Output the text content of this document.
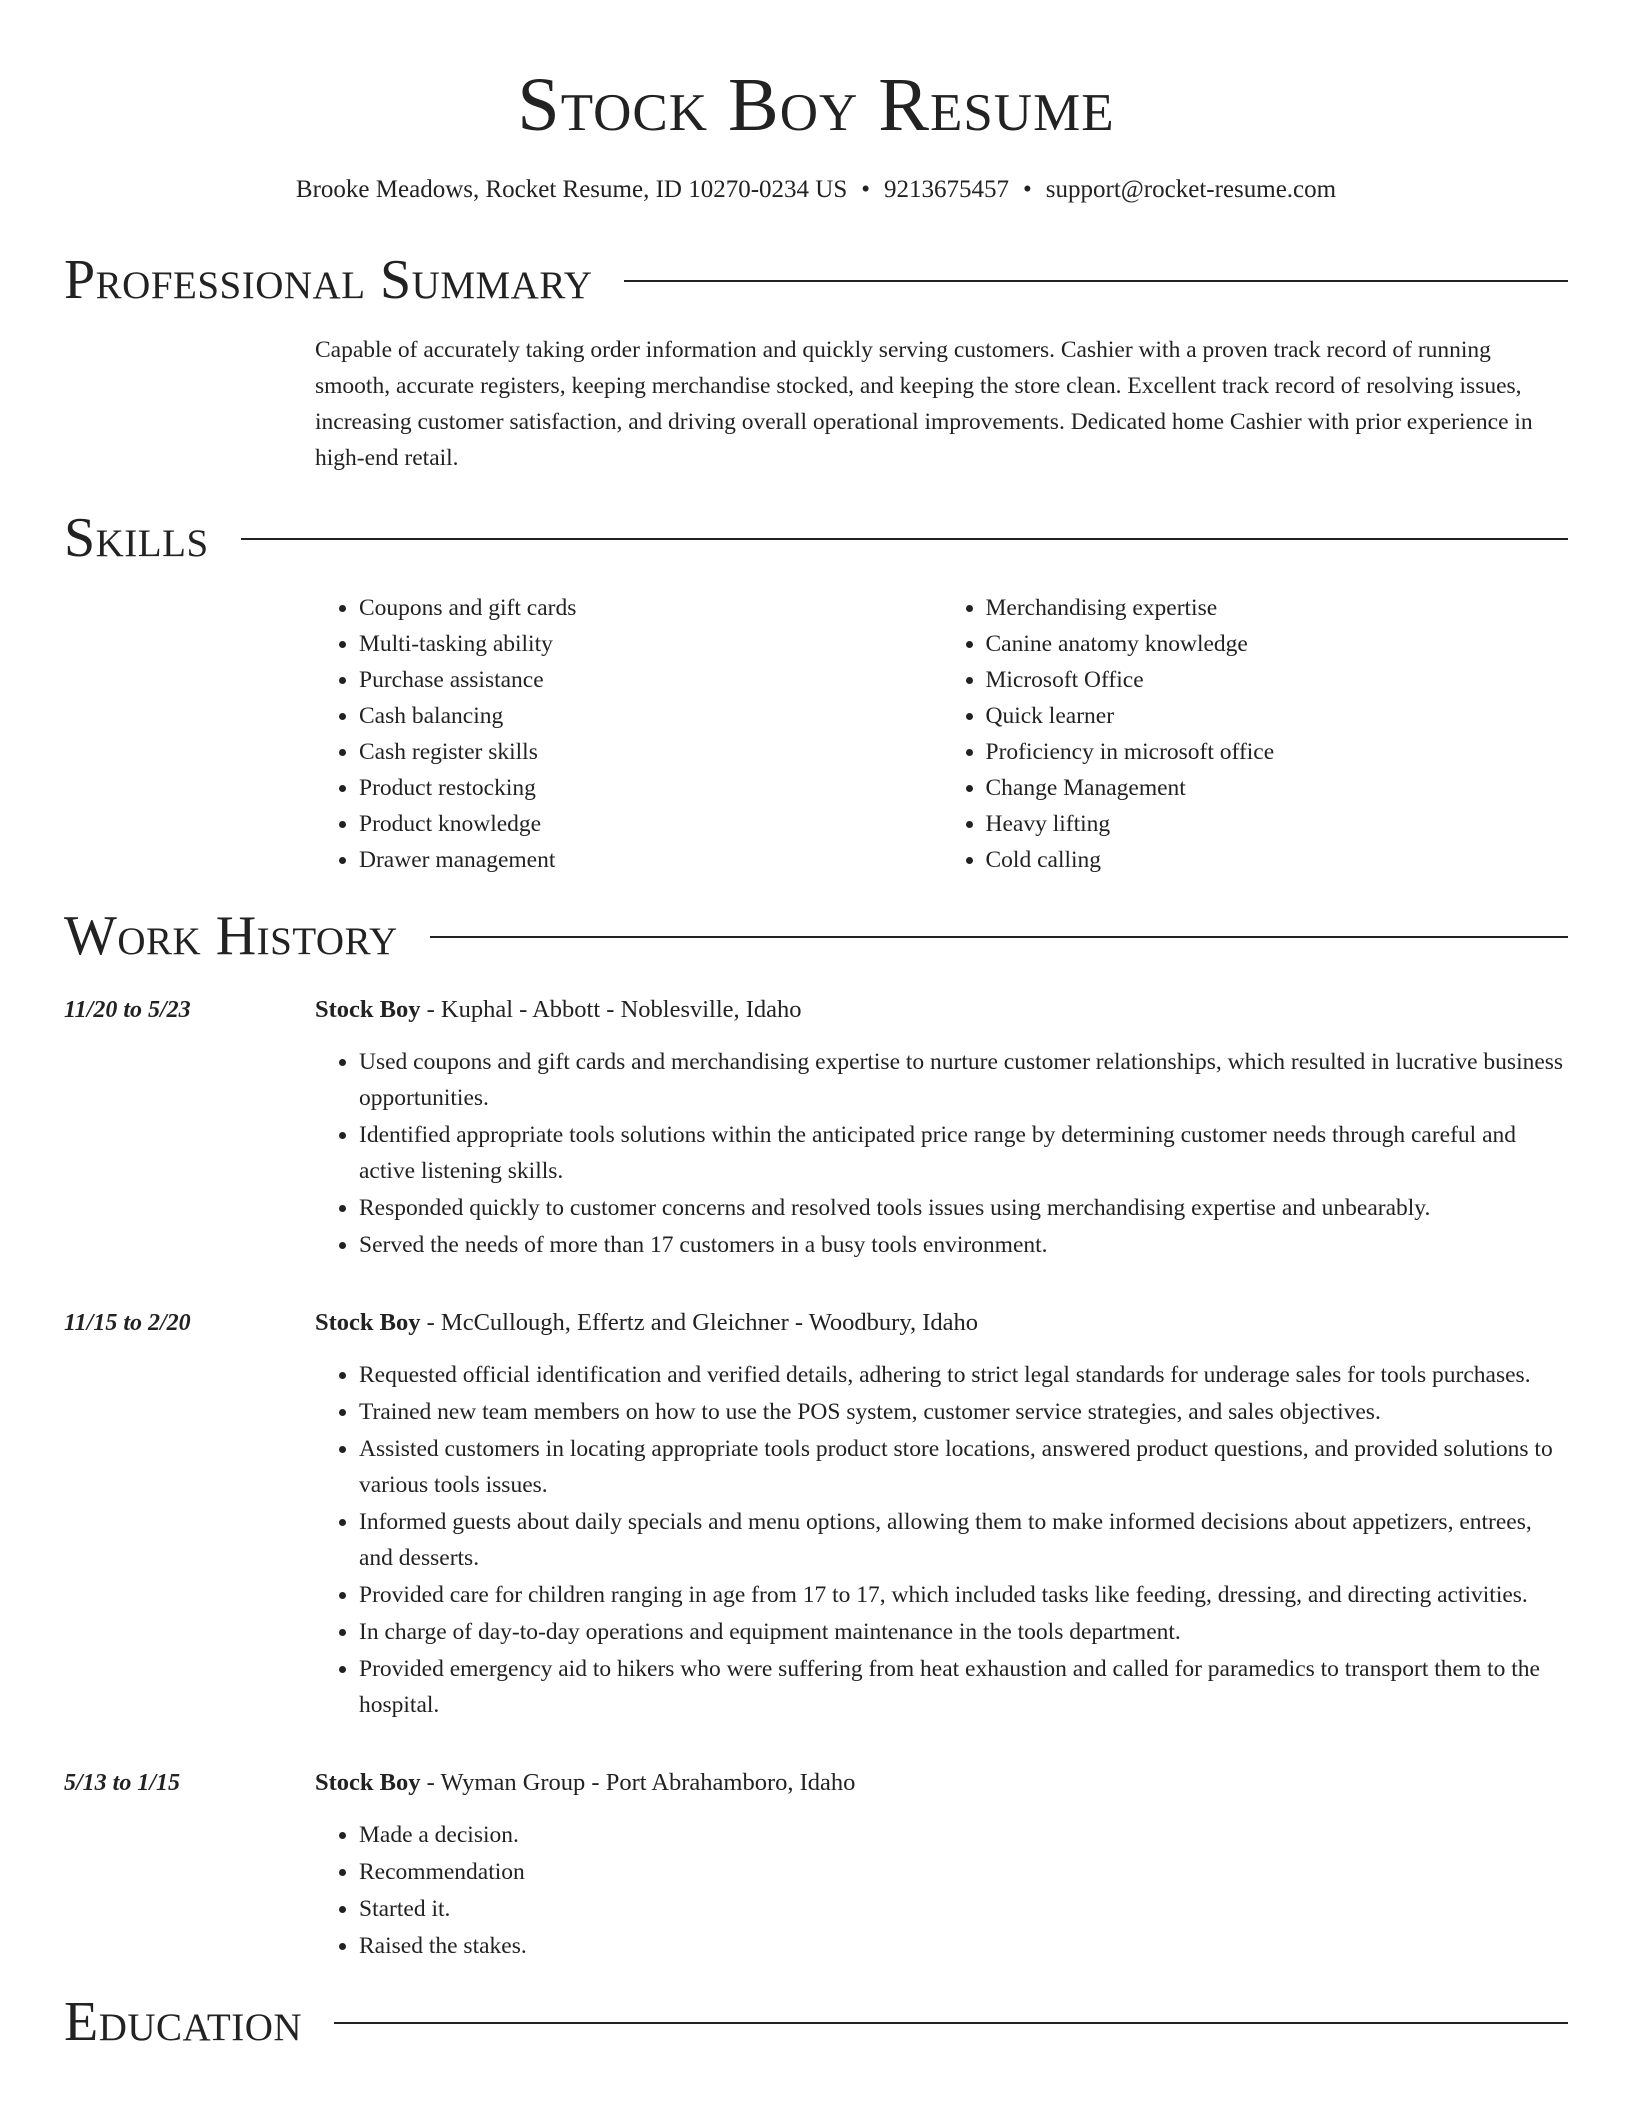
Stock Boy Resume
Brooke Meadows, Rocket Resume, ID 10270-0234 US • 9213675457 • support@rocket-resume.com
Professional Summary
Capable of accurately taking order information and quickly serving customers. Cashier with a proven track record of running smooth, accurate registers, keeping merchandise stocked, and keeping the store clean. Excellent track record of resolving issues, increasing customer satisfaction, and driving overall operational improvements. Dedicated home Cashier with prior experience in high-end retail.
Skills
• Coupons and gift cards
• Multi-tasking ability
• Purchase assistance
• Cash balancing
• Cash register skills
• Product restocking
• Product knowledge
• Drawer management
• Merchandising expertise
• Canine anatomy knowledge
• Microsoft Office
• Quick learner
• Proficiency in microsoft office
• Change Management
• Heavy lifting
• Cold calling
Work History
11/20 to 5/23	Stock Boy - Kuphal - Abbott - Noblesville, Idaho
• Used coupons and gift cards and merchandising expertise to nurture customer relationships, which resulted in lucrative business opportunities.
• Identified appropriate tools solutions within the anticipated price range by determining customer needs through careful and active listening skills.
• Responded quickly to customer concerns and resolved tools issues using merchandising expertise and unbearably.
• Served the needs of more than 17 customers in a busy tools environment.
11/15 to 2/20	Stock Boy - McCullough, Effertz and Gleichner - Woodbury, Idaho
• Requested official identification and verified details, adhering to strict legal standards for underage sales for tools purchases.
• Trained new team members on how to use the POS system, customer service strategies, and sales objectives.
• Assisted customers in locating appropriate tools product store locations, answered product questions, and provided solutions to various tools issues.
• Informed guests about daily specials and menu options, allowing them to make informed decisions about appetizers, entrees, and desserts.
• Provided care for children ranging in age from 17 to 17, which included tasks like feeding, dressing, and directing activities.
• In charge of day-to-day operations and equipment maintenance in the tools department.
• Provided emergency aid to hikers who were suffering from heat exhaustion and called for paramedics to transport them to the hospital.
5/13 to 1/15	Stock Boy - Wyman Group - Port Abrahamboro, Idaho
• Made a decision.
• Recommendation
• Started it.
• Raised the stakes.
Education
